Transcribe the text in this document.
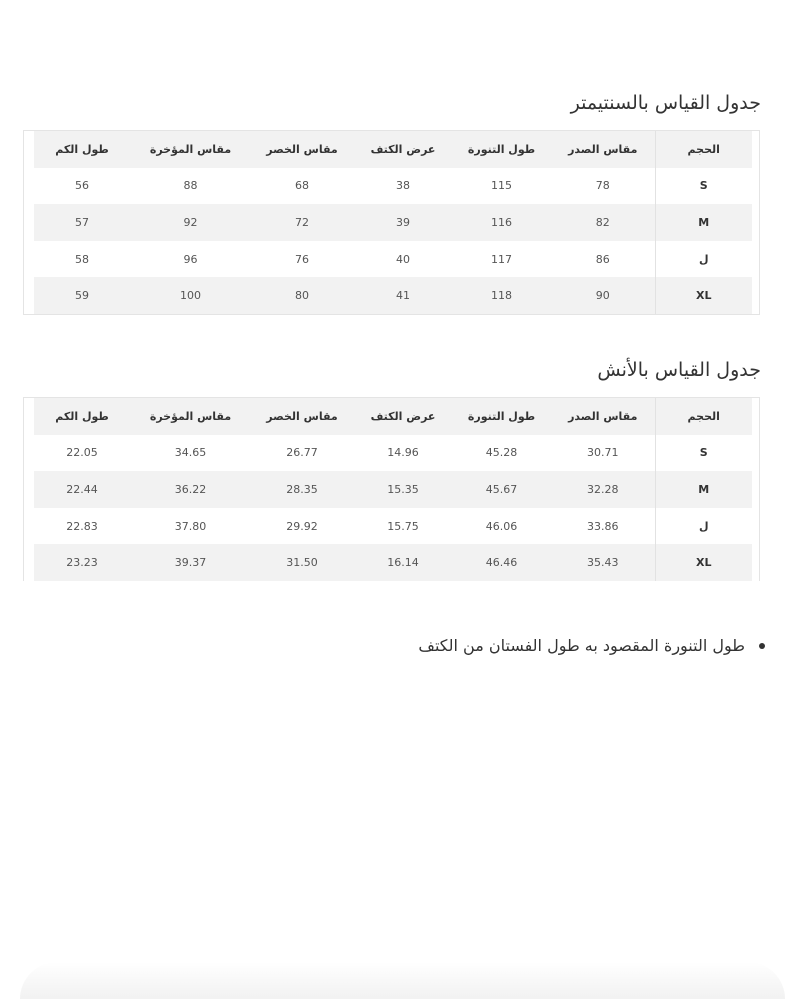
جدول القياس بالسنتيمتر
الحجم	مقاس الصدر	طول التنورة	عرض الكتف	مقاس الخصر	مقاس المؤخرة	طول الكم
S	78	115	38	68	88	56
M	82	116	39	72	92	57
ل	86	117	40	76	96	58
XL	90	118	41	80	100	59
جدول القياس بالأنش
الحجم	مقاس الصدر	طول التنورة	عرض الكتف	مقاس الخصر	مقاس المؤخرة	طول الكم
S	30.71	45.28	14.96	26.77	34.65	22.05
M	32.28	45.67	15.35	28.35	36.22	22.44
ل	33.86	46.06	15.75	29.92	37.80	22.83
XL	35.43	46.46	16.14	31.50	39.37	23.23
طول التنورة المقصود به طول الفستان من الكتف
